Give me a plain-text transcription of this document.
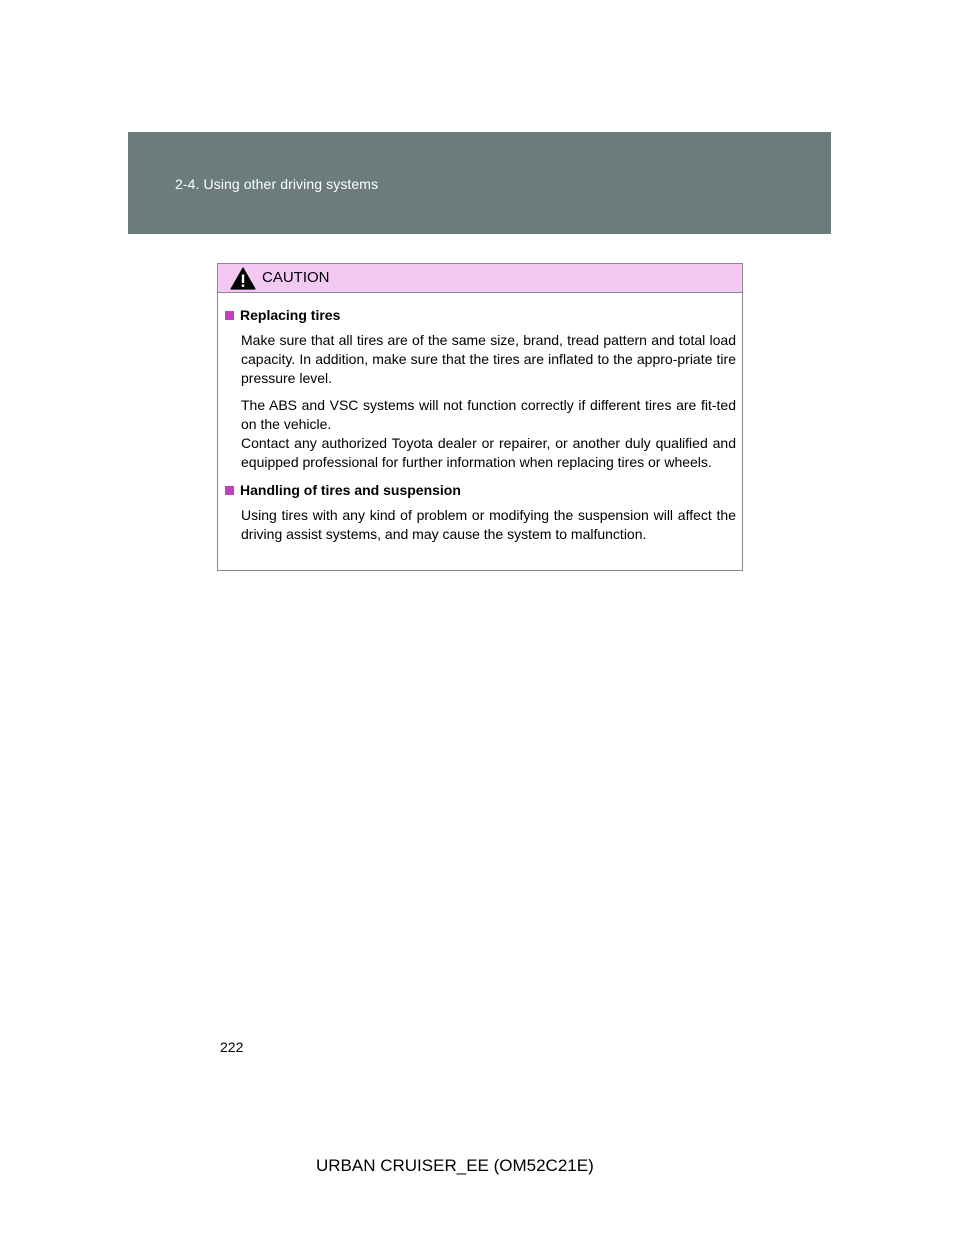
2-4. Using other driving systems
CAUTION
Replacing tires

Make sure that all tires are of the same size, brand, tread pattern and total load capacity. In addition, make sure that the tires are inflated to the appro-priate tire pressure level.

The ABS and VSC systems will not function correctly if different tires are fit-ted on the vehicle.

Contact any authorized Toyota dealer or repairer, or another duly qualified and equipped professional for further information when replacing tires or wheels.

Handling of tires and suspension

Using tires with any kind of problem or modifying the suspension will affect the driving assist systems, and may cause the system to malfunction.

222
URBAN CRUISER_EE (OM52C21E)
